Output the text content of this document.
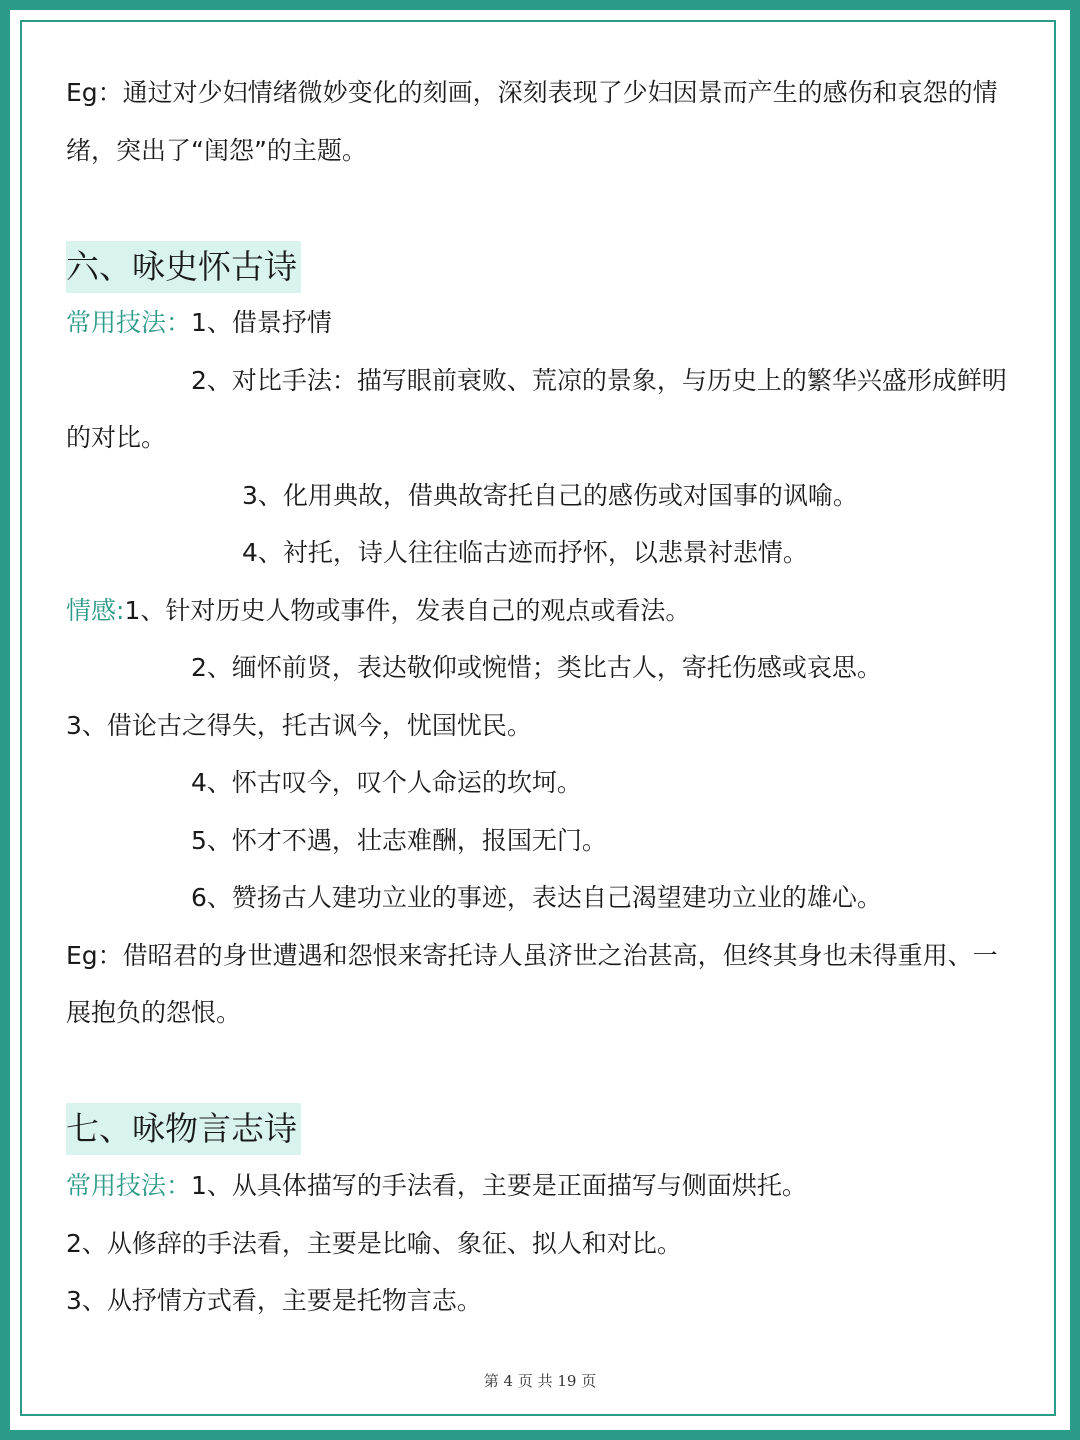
Eg：通过对少妇情绪微妙变化的刻画，深刻表现了少妇因景而产生的感伤和哀怨的情
绪，突出了“闺怨”的主题。
六、咏史怀古诗
常用技法：1、借景抒情
2、对比手法：描写眼前衰败、荒凉的景象，与历史上的繁华兴盛形成鲜明
的对比。
3、化用典故，借典故寄托自己的感伤或对国事的讽喻。
4、衬托，诗人往往临古迹而抒怀，以悲景衬悲情。
情感:1、针对历史人物或事件，发表自己的观点或看法。
2、缅怀前贤，表达敬仰或惋惜；类比古人，寄托伤感或哀思。
3、借论古之得失，托古讽今，忧国忧民。
4、怀古叹今，叹个人命运的坎坷。
5、怀才不遇，壮志难酬，报国无门。
6、赞扬古人建功立业的事迹，表达自己渴望建功立业的雄心。
Eg：借昭君的身世遭遇和怨恨来寄托诗人虽济世之治甚高，但终其身也未得重用、一
展抱负的怨恨。
七、咏物言志诗
常用技法：1、从具体描写的手法看，主要是正面描写与侧面烘托。
2、从修辞的手法看，主要是比喻、象征、拟人和对比。
3、从抒情方式看，主要是托物言志。
第 4 页 共 19 页
